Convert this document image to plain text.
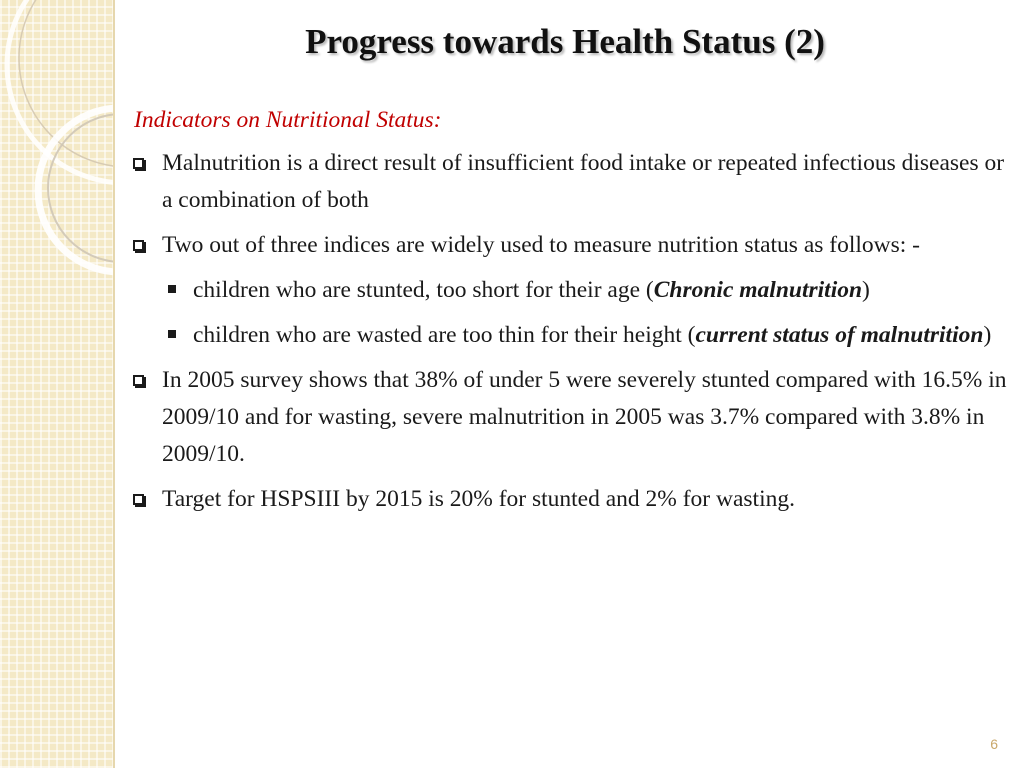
Progress towards Health Status (2)
Indicators on Nutritional Status:
Malnutrition is a direct result of insufficient food intake or repeated infectious diseases or a combination of both
Two out of three indices are widely used to measure nutrition status as follows: -
children who are stunted, too short for their age (Chronic malnutrition)
children who are wasted are too thin for their height (current status of malnutrition)
In 2005 survey shows that 38% of under 5 were severely stunted compared with 16.5% in 2009/10 and for wasting, severe malnutrition in 2005 was 3.7% compared with 3.8% in 2009/10.
Target for HSPSIII by 2015 is 20% for stunted and 2% for wasting.
6
